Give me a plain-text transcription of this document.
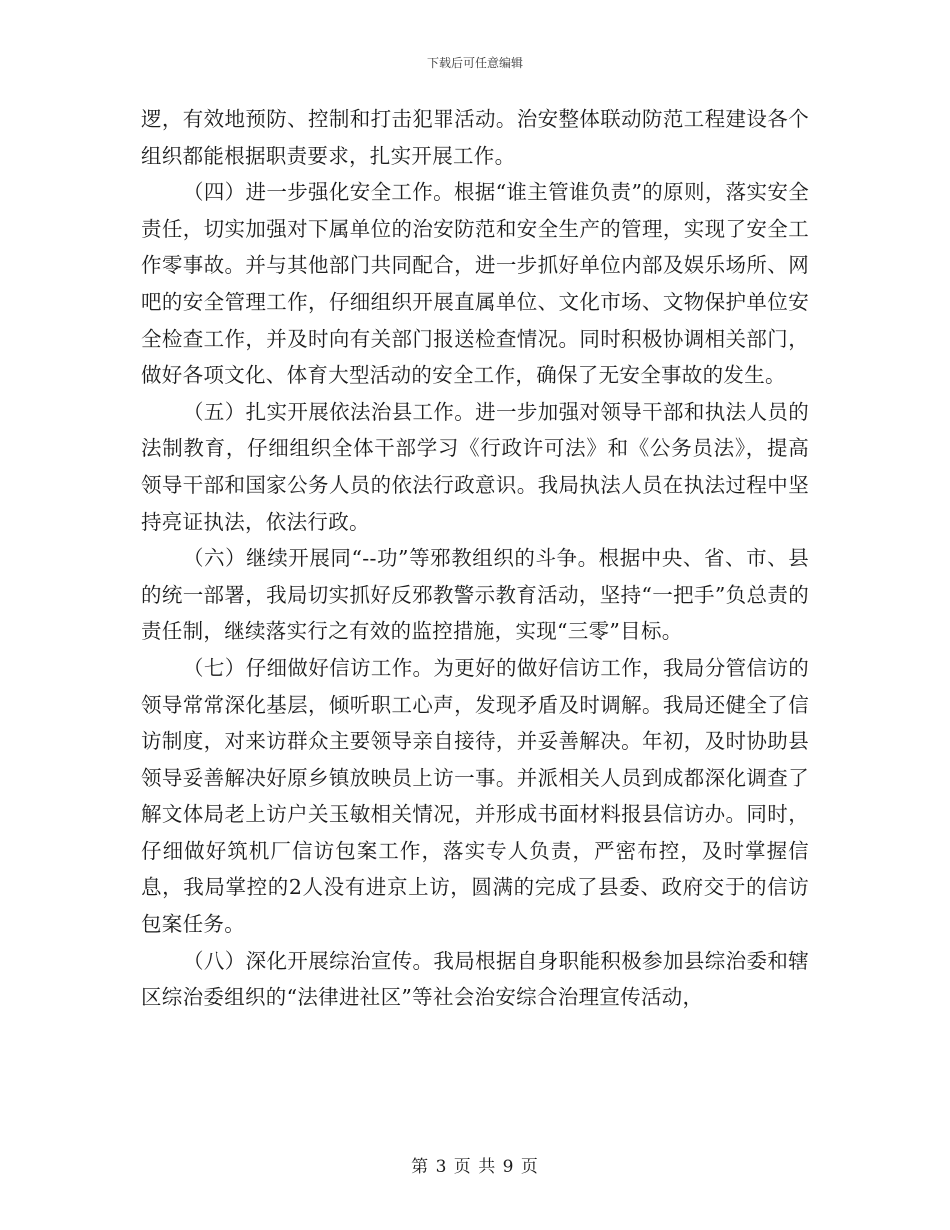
下载后可任意编辑

逻，有效地预防、控制和打击犯罪活动。治安整体联动防范工程建设各个组织都能根据职责要求，扎实开展工作。

（四）进一步强化安全工作。根据“谁主管谁负责”的原则，落实安全责任，切实加强对下属单位的治安防范和安全生产的管理，实现了安全工作零事故。并与其他部门共同配合，进一步抓好单位内部及娱乐场所、网吧的安全管理工作，仔细组织开展直属单位、文化市场、文物保护单位安全检查工作，并及时向有关部门报送检查情况。同时积极协调相关部门，做好各项文化、体育大型活动的安全工作，确保了无安全事故的发生。

（五）扎实开展依法治县工作。进一步加强对领导干部和执法人员的法制教育，仔细组织全体干部学习《行政许可法》和《公务员法》，提高领导干部和国家公务人员的依法行政意识。我局执法人员在执法过程中坚持亮证执法，依法行政。

（六）继续开展同“--功”等邪教组织的斗争。根据中央、省、市、县的统一部署，我局切实抓好反邪教警示教育活动，坚持“一把手”负总责的责任制，继续落实行之有效的监控措施，实现“三零”目标。

（七）仔细做好信访工作。为更好的做好信访工作，我局分管信访的领导常常深化基层，倾听职工心声，发现矛盾及时调解。我局还健全了信访制度，对来访群众主要领导亲自接待，并妥善解决。年初，及时协助县领导妥善解决好原乡镇放映员上访一事。并派相关人员到成都深化调查了解文体局老上访户关玉敏相关情况，并形成书面材料报县信访办。同时，仔细做好筑机厂信访包案工作，落实专人负责，严密布控，及时掌握信息，我局掌控的2人没有进京上访，圆满的完成了县委、政府交于的信访包案任务。

（八）深化开展综治宣传。我局根据自身职能积极参加县综治委和辖区综治委组织的“法律进社区”等社会治安综合治理宣传活动，

第 3 页 共 9 页
